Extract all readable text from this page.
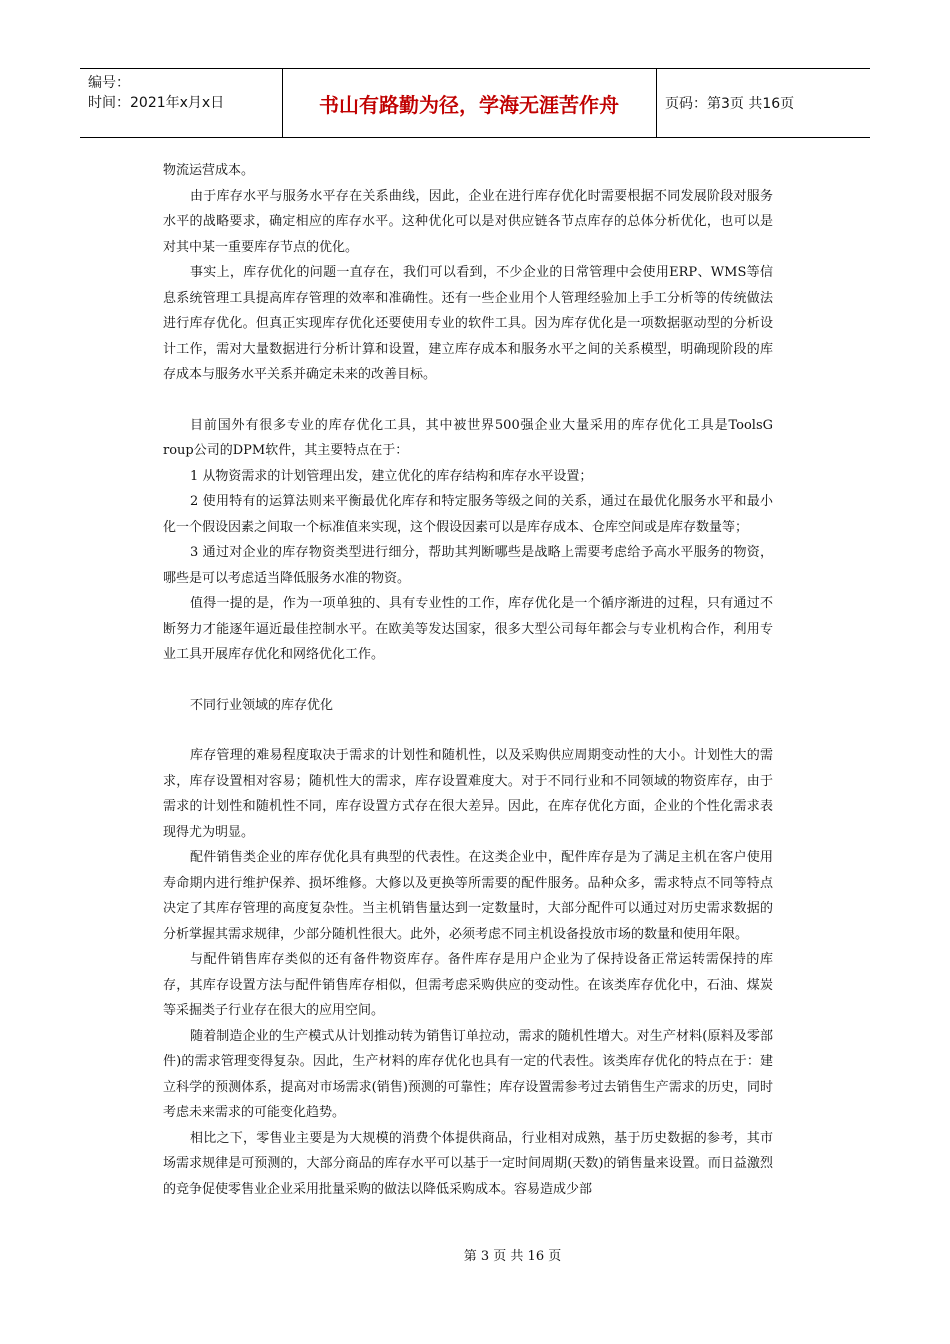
编号：
时间：2021年x月x日	书山有路勤为径，学海无涯苦作舟	页码：第3页 共16页

物流运营成本。

由于库存水平与服务水平存在关系曲线，因此，企业在进行库存优化时需要根据不同发展阶段对服务水平的战略要求，确定相应的库存水平。这种优化可以是对供应链各节点库存的总体分析优化，也可以是对其中某一重要库存节点的优化。

事实上，库存优化的问题一直存在，我们可以看到，不少企业的日常管理中会使用ERP、WMS等信息系统管理工具提高库存管理的效率和准确性。还有一些企业用个人管理经验加上手工分析等的传统做法进行库存优化。但真正实现库存优化还要使用专业的软件工具。因为库存优化是一项数据驱动型的分析设计工作，需对大量数据进行分析计算和设置，建立库存成本和服务水平之间的关系模型，明确现阶段的库存成本与服务水平关系并确定未来的改善目标。

目前国外有很多专业的库存优化工具，其中被世界500强企业大量采用的库存优化工具是ToolsG roup公司的DPM软件，其主要特点在于：

1 从物资需求的计划管理出发，建立优化的库存结构和库存水平设置；

2 使用特有的运算法则来平衡最优化库存和特定服务等级之间的关系，通过在最优化服务水平和最小化一个假设因素之间取一个标准值来实现，这个假设因素可以是库存成本、仓库空间或是库存数量等；

3 通过对企业的库存物资类型进行细分，帮助其判断哪些是战略上需要考虑给予高水平服务的物资，哪些是可以考虑适当降低服务水准的物资。

值得一提的是，作为一项单独的、具有专业性的工作，库存优化是一个循序渐进的过程，只有通过不断努力才能逐年逼近最佳控制水平。在欧美等发达国家，很多大型公司每年都会与专业机构合作，利用专业工具开展库存优化和网络优化工作。

不同行业领域的库存优化

库存管理的难易程度取决于需求的计划性和随机性，以及采购供应周期变动性的大小。计划性大的需求，库存设置相对容易；随机性大的需求，库存设置难度大。对于不同行业和不同领域的物资库存，由于需求的计划性和随机性不同，库存设置方式存在很大差异。因此，在库存优化方面，企业的个性化需求表现得尤为明显。

配件销售类企业的库存优化具有典型的代表性。在这类企业中，配件库存是为了满足主机在客户使用寿命期内进行维护保养、损坏维修。大修以及更换等所需要的配件服务。品种众多，需求特点不同等特点决定了其库存管理的高度复杂性。当主机销售量达到一定数量时，大部分配件可以通过对历史需求数据的分析掌握其需求规律，少部分随机性很大。此外，必须考虑不同主机设备投放市场的数量和使用年限。

与配件销售库存类似的还有备件物资库存。备件库存是用户企业为了保持设备正常运转需保持的库存，其库存设置方法与配件销售库存相似，但需考虑采购供应的变动性。在该类库存优化中，石油、煤炭等采掘类子行业存在很大的应用空间。

随着制造企业的生产模式从计划推动转为销售订单拉动，需求的随机性增大。对生产材料(原料及零部件)的需求管理变得复杂。因此，生产材料的库存优化也具有一定的代表性。该类库存优化的特点在于：建立科学的预测体系，提高对市场需求(销售)预测的可靠性；库存设置需参考过去销售生产需求的历史，同时考虑未来需求的可能变化趋势。

相比之下，零售业主要是为大规模的消费个体提供商品，行业相对成熟，基于历史数据的参考，其市场需求规律是可预测的，大部分商品的库存水平可以基于一定时间周期(天数)的销售量来设置。而日益激烈的竞争促使零售业企业采用批量采购的做法以降低采购成本。容易造成少部

第 3 页 共 16 页
